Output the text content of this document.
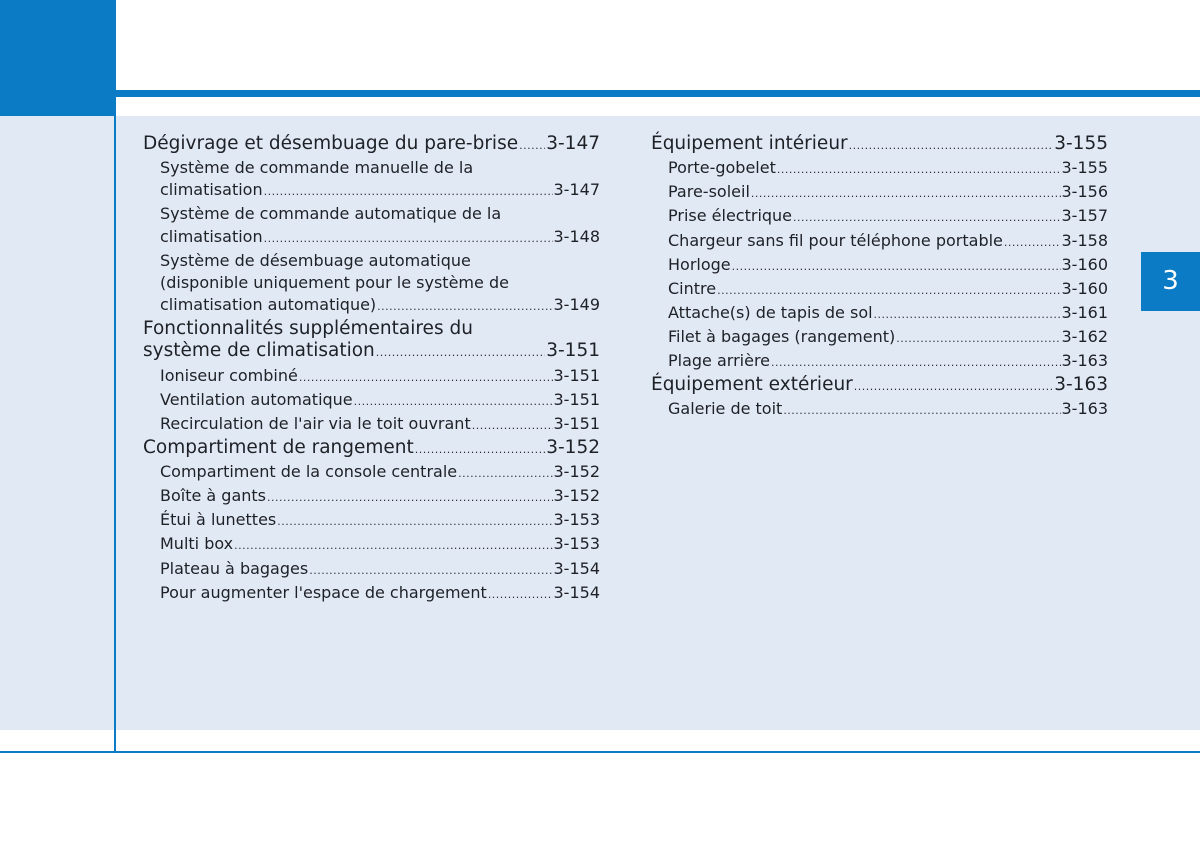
3
Dégivrage et désembuage du pare-brise ..... 3-147
Système de commande manuelle de la
climatisation .....	3-147
Système de commande automatique de la
climatisation .....	3-148
Système de désembuage automatique
(disponible uniquement pour le système de
climatisation automatique) .....	3-149
Fonctionnalités supplémentaires du
système de climatisation .....	3-151
Ioniseur combiné .....	3-151
Ventilation automatique .....	3-151
Recirculation de l'air via le toit ouvrant .....	3-151
Compartiment de rangement .....	3-152
Compartiment de la console centrale .....	3-152
Boîte à gants .....	3-152
Étui à lunettes .....	3-153
Multi box .....	3-153
Plateau à bagages .....	3-154
Pour augmenter l'espace de chargement .....	3-154
Équipement intérieur .....	3-155
Porte-gobelet .....	3-155
Pare-soleil .....	3-156
Prise électrique .....	3-157
Chargeur sans fil pour téléphone portable .....	3-158
Horloge .....	3-160
Cintre .....	3-160
Attache(s) de tapis de sol .....	3-161
Filet à bagages (rangement) .....	3-162
Plage arrière .....	3-163
Équipement extérieur .....	3-163
Galerie de toit .....	3-163
